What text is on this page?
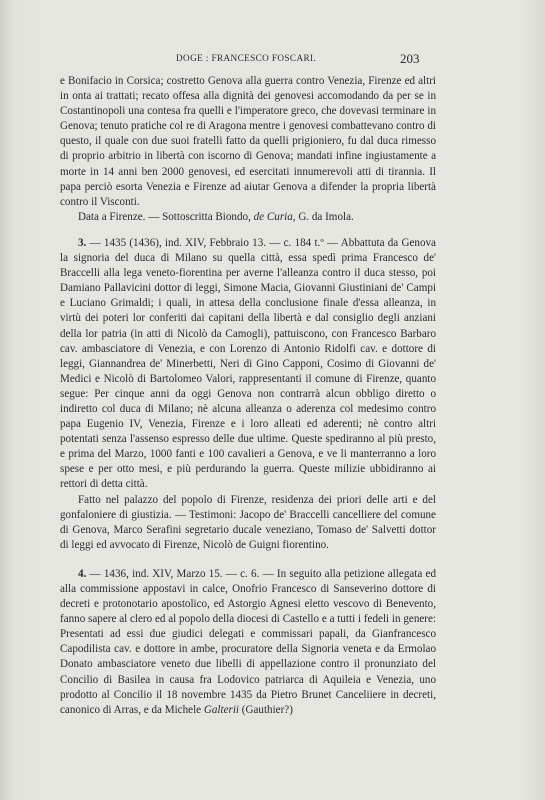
DOGE : FRANCESCO FOSCARI.	203

e Bonifacio in Corsica; costretto Genova alla guerra contro Venezia, Firenze ed altri in onta ai trattati; recato offesa alla dignità dei genovesi accomodando da per se in Costantinopoli una contesa fra quelli e l'imperatore greco, che dovevasi terminare in Genova; tenuto pratiche col re di Aragona mentre i genovesi combattevano contro di questo, il quale con due suoi fratelli fatto da quelli prigioniero, fu dal duca rimesso di proprio arbitrio in libertà con iscorno di Genova; mandati infine ingiustamente a morte in 14 anni ben 2000 genovesi, ed esercitati innumerevoli atti di tirannia. Il papa perciò esorta Venezia e Firenze ad aiutar Genova a difender la propria libertà contro il Visconti.

Data a Firenze. — Sottoscritta Biondo, de Curia, G. da Imola.

3. — 1435 (1436), ind. XIV, Febbraio 13. — c. 184 t.º — Abbattuta da Genova la signoria del duca di Milano su quella città, essa spedì prima Francesco de' Braccelli alla lega veneto-fiorentina per averne l'alleanza contro il duca stesso, poi Damiano Pallavicini dottor di leggi, Simone Macia, Giovanni Giustiniani de' Campi e Luciano Grimaldi; i quali, in attesa della conclusione finale d'essa alleanza, in virtù dei poteri lor conferiti dai capitani della libertà e dal consiglio degli anziani della lor patria (in atti di Nicolò da Camogli), pattuiscono, con Francesco Barbaro cav. ambasciatore di Venezia, e con Lorenzo di Antonio Ridolfi cav. e dottore di leggi, Giannandrea de' Minerbetti, Neri di Gino Capponi, Cosimo di Giovanni de' Medici e Nicolò di Bartolomeo Valori, rappresentanti il comune di Firenze, quanto segue: Per cinque anni da oggi Genova non contrarrà alcun obbligo diretto o indiretto col duca di Milano; nè alcuna alleanza o aderenza col medesimo contro papa Eugenio IV, Venezia, Firenze e i loro alleati ed aderenti; nè contro altri potentati senza l'assenso espresso delle due ultime. Queste spediranno al più presto, e prima del Marzo, 1000 fanti e 100 cavalieri a Genova, e ve li manterranno a loro spese e per otto mesi, e più perdurando la guerra. Queste milizie ubbidiranno ai rettori di detta città.

Fatto nel palazzo del popolo di Firenze, residenza dei priori delle arti e del gonfaloniere di giustizia. — Testimoni: Jacopo de' Braccelli cancelliere del comune di Genova, Marco Serafini segretario ducale veneziano, Tomaso de' Salvetti dottor di leggi ed avvocato di Firenze, Nicolò de Guigni fiorentino.

4. — 1436, ind. XIV, Marzo 15. — c. 6. — In seguito alla petizione allegata ed alla commissione appostavi in calce, Onofrio Francesco di Sanseverino dottore di decreti e protonotario apostolico, ed Astorgio Agnesi eletto vescovo di Benevento, fanno sapere al clero ed al popolo della diocesi di Castello e a tutti i fedeli in genere: Presentati ad essi due giudici delegati e commissari papali, da Gianfrancesco Capodilista cav. e dottore in ambe, procuratore della Signoria veneta e da Ermolao Donato ambasciatore veneto due libelli di appellazione contro il pronunziato del Concilio di Basilea in causa fra Lodovico patriarca di Aquileia e Venezia, uno prodotto al Concilio il 18 novembre 1435 da Pietro Brunet Canceliiere in decreti, canonico di Arras, e da Michele Galterii (Gauthier?)
